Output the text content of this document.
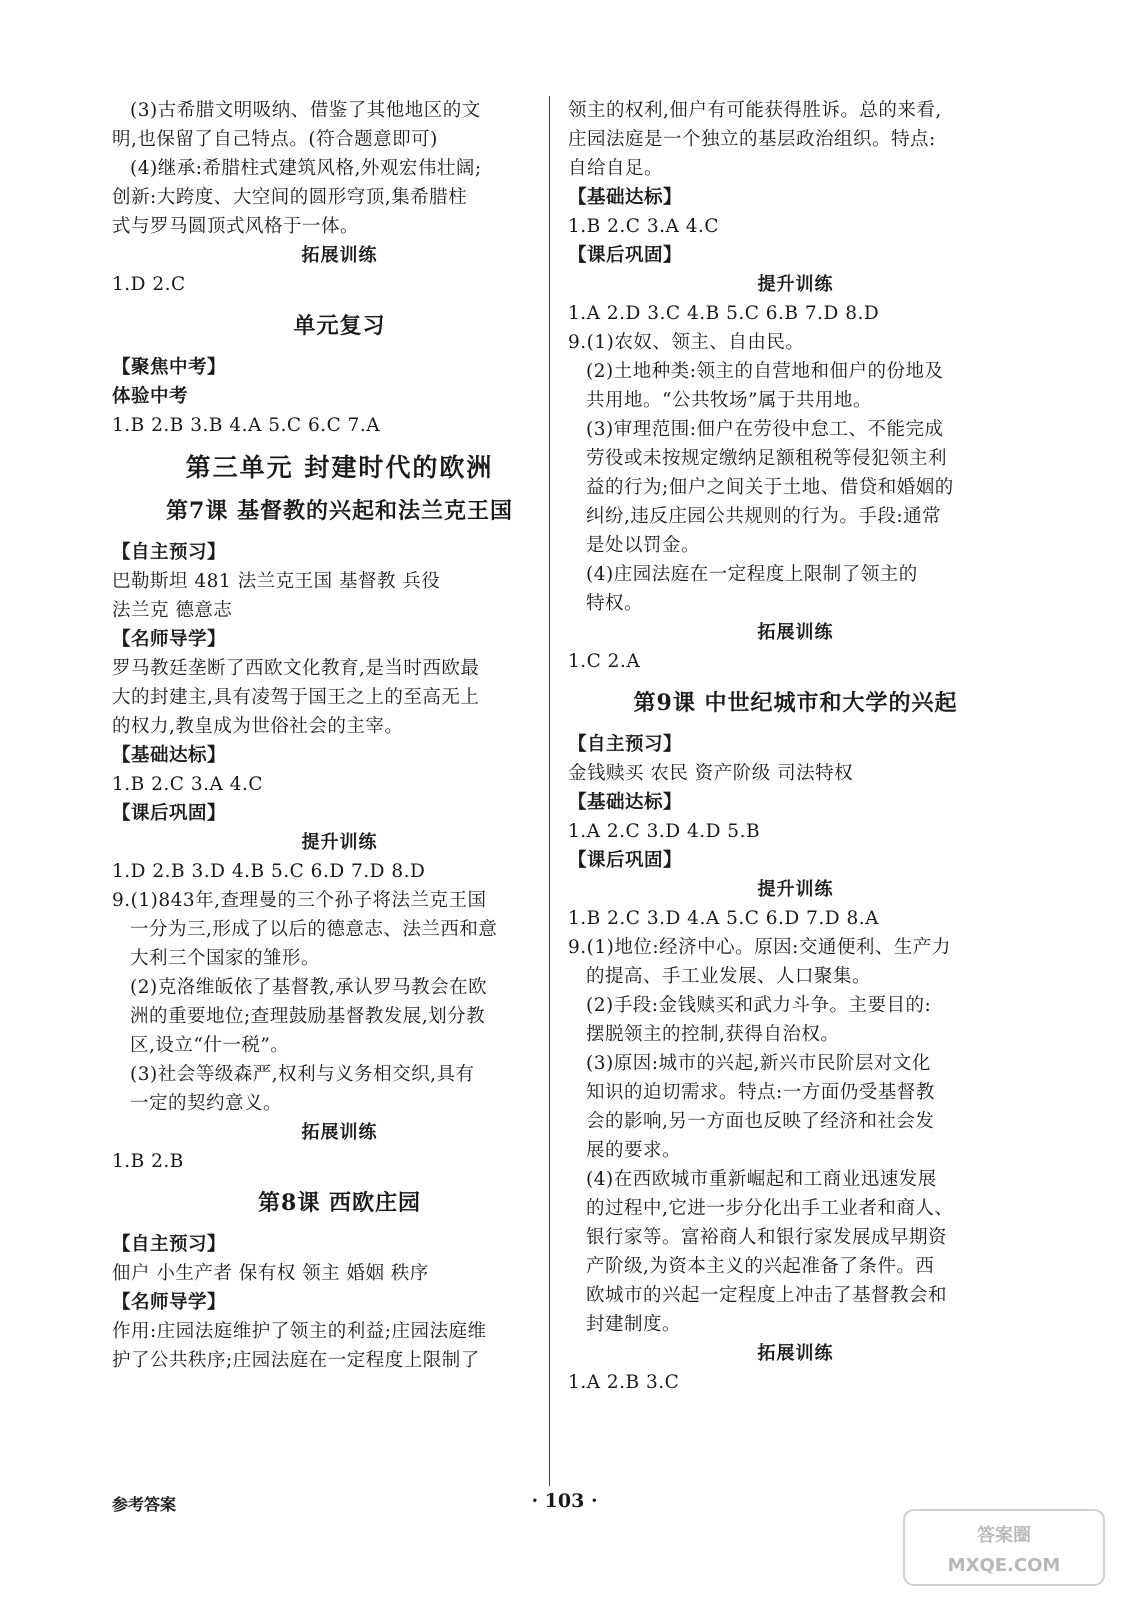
(3)古希腊文明吸纳、借鉴了其他地区的文
明,也保留了自己特点。(符合题意即可)
(4)继承:希腊柱式建筑风格,外观宏伟壮阔;
创新:大跨度、大空间的圆形穹顶,集希腊柱
式与罗马圆顶式风格于一体。
拓展训练
1.D 2.C
单元复习
【聚焦中考】
体验中考
1.B 2.B 3.B 4.A 5.C 6.C 7.A
第三单元 封建时代的欧洲
第7课 基督教的兴起和法兰克王国
【自主预习】
巴勒斯坦 481 法兰克王国 基督教 兵役
法兰克 德意志
【名师导学】
罗马教廷垄断了西欧文化教育,是当时西欧最
大的封建主,具有凌驾于国王之上的至高无上
的权力,教皇成为世俗社会的主宰。
【基础达标】
1.B 2.C 3.A 4.C
【课后巩固】
提升训练
1.D 2.B 3.D 4.B 5.C 6.D 7.D 8.D
9.(1)843年,查理曼的三个孙子将法兰克王国
一分为三,形成了以后的德意志、法兰西和意
大利三个国家的雏形。
(2)克洛维皈依了基督教,承认罗马教会在欧
洲的重要地位;查理鼓励基督教发展,划分教
区,设立“什一税”。
(3)社会等级森严,权利与义务相交织,具有
一定的契约意义。
拓展训练
1.B 2.B
第8课 西欧庄园
【自主预习】
佃户 小生产者 保有权 领主 婚姻 秩序
【名师导学】
作用:庄园法庭维护了领主的利益;庄园法庭维
护了公共秩序;庄园法庭在一定程度上限制了
领主的权利,佃户有可能获得胜诉。总的来看,
庄园法庭是一个独立的基层政治组织。特点:
自给自足。
【基础达标】
1.B 2.C 3.A 4.C
【课后巩固】
提升训练
1.A 2.D 3.C 4.B 5.C 6.B 7.D 8.D
9.(1)农奴、领主、自由民。
(2)土地种类:领主的自营地和佃户的份地及
共用地。“公共牧场”属于共用地。
(3)审理范围:佃户在劳役中怠工、不能完成
劳役或未按规定缴纳足额租税等侵犯领主利
益的行为;佃户之间关于土地、借贷和婚姻的
纠纷,违反庄园公共规则的行为。手段:通常
是处以罚金。
(4)庄园法庭在一定程度上限制了领主的
特权。
拓展训练
1.C 2.A
第9课 中世纪城市和大学的兴起
【自主预习】
金钱赎买 农民 资产阶级 司法特权
【基础达标】
1.A 2.C 3.D 4.D 5.B
【课后巩固】
提升训练
1.B 2.C 3.D 4.A 5.C 6.D 7.D 8.A
9.(1)地位:经济中心。原因:交通便利、生产力
的提高、手工业发展、人口聚集。
(2)手段:金钱赎买和武力斗争。主要目的:
摆脱领主的控制,获得自治权。
(3)原因:城市的兴起,新兴市民阶层对文化
知识的迫切需求。特点:一方面仍受基督教
会的影响,另一方面也反映了经济和社会发
展的要求。
(4)在西欧城市重新崛起和工商业迅速发展
的过程中,它进一步分化出手工业者和商人、
银行家等。富裕商人和银行家发展成早期资
产阶级,为资本主义的兴起准备了条件。西
欧城市的兴起一定程度上冲击了基督教会和
封建制度。
拓展训练
1.A 2.B 3.C
参考答案	· 103 ·
答案圈
MXQE.COM
